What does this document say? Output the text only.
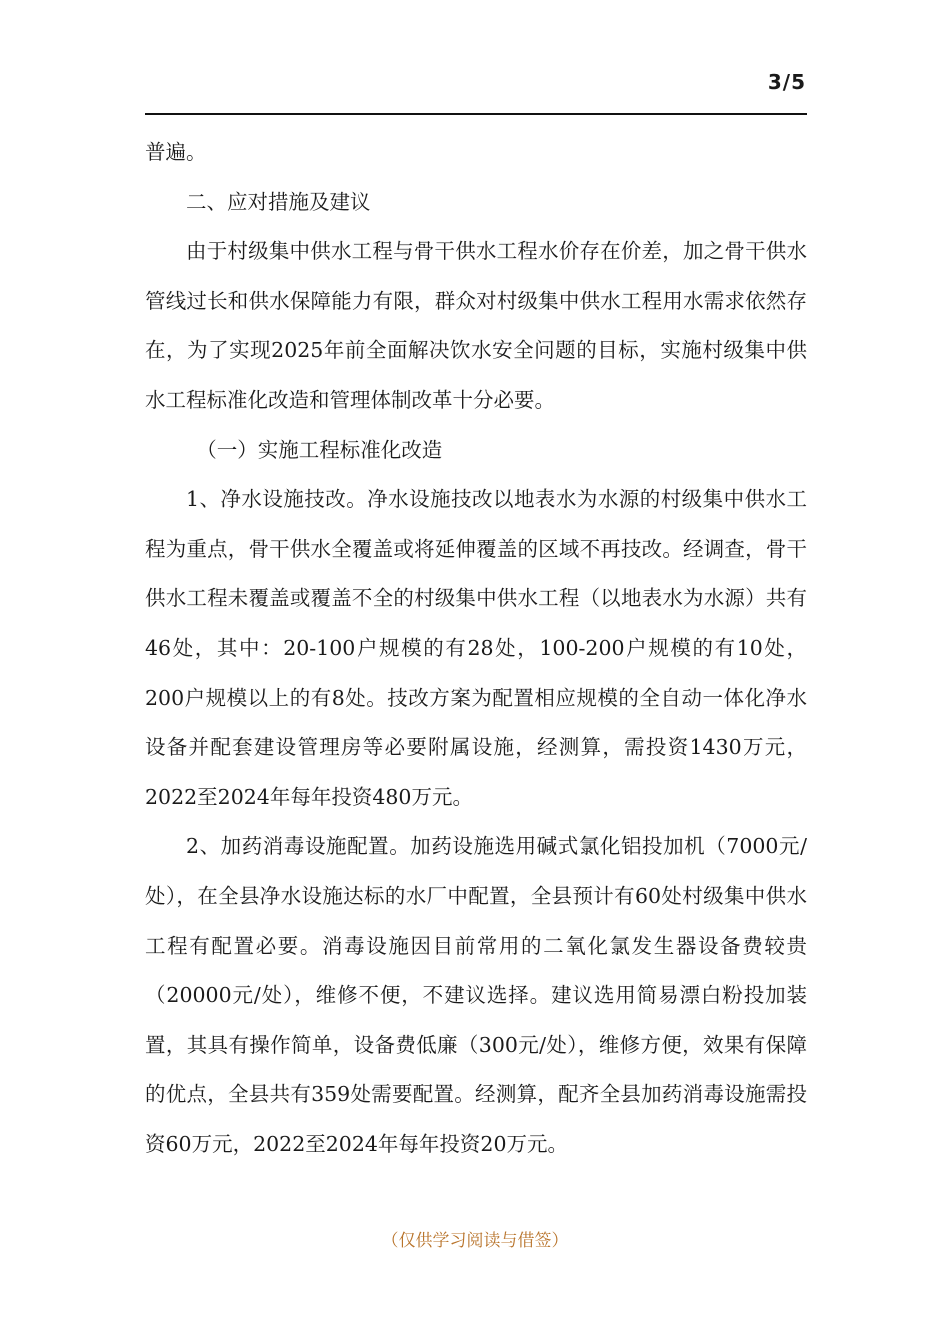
3/5

普遍。

二、应对措施及建议

由于村级集中供水工程与骨干供水工程水价存在价差，加之骨干供水管线过长和供水保障能力有限，群众对村级集中供水工程用水需求依然存在，为了实现2025年前全面解决饮水安全问题的目标，实施村级集中供水工程标准化改造和管理体制改革十分必要。

（一）实施工程标准化改造

1、净水设施技改。净水设施技改以地表水为水源的村级集中供水工程为重点，骨干供水全覆盖或将延伸覆盖的区域不再技改。经调查，骨干供水工程未覆盖或覆盖不全的村级集中供水工程（以地表水为水源）共有46处，其中：20-100户规模的有28处，100-200户规模的有10处，200户规模以上的有8处。技改方案为配置相应规模的全自动一体化净水设备并配套建设管理房等必要附属设施，经测算，需投资1430万元，2022至2024年每年投资480万元。

2、加药消毒设施配置。加药设施选用碱式氯化铝投加机（7000元/处），在全县净水设施达标的水厂中配置，全县预计有60处村级集中供水工程有配置必要。消毒设施因目前常用的二氧化氯发生器设备费较贵（20000元/处），维修不便，不建议选择。建议选用简易漂白粉投加装置，其具有操作简单，设备费低廉（300元/处），维修方便，效果有保障的优点，全县共有359处需要配置。经测算，配齐全县加药消毒设施需投资60万元，2022至2024年每年投资20万元。

（仅供学习阅读与借签）
